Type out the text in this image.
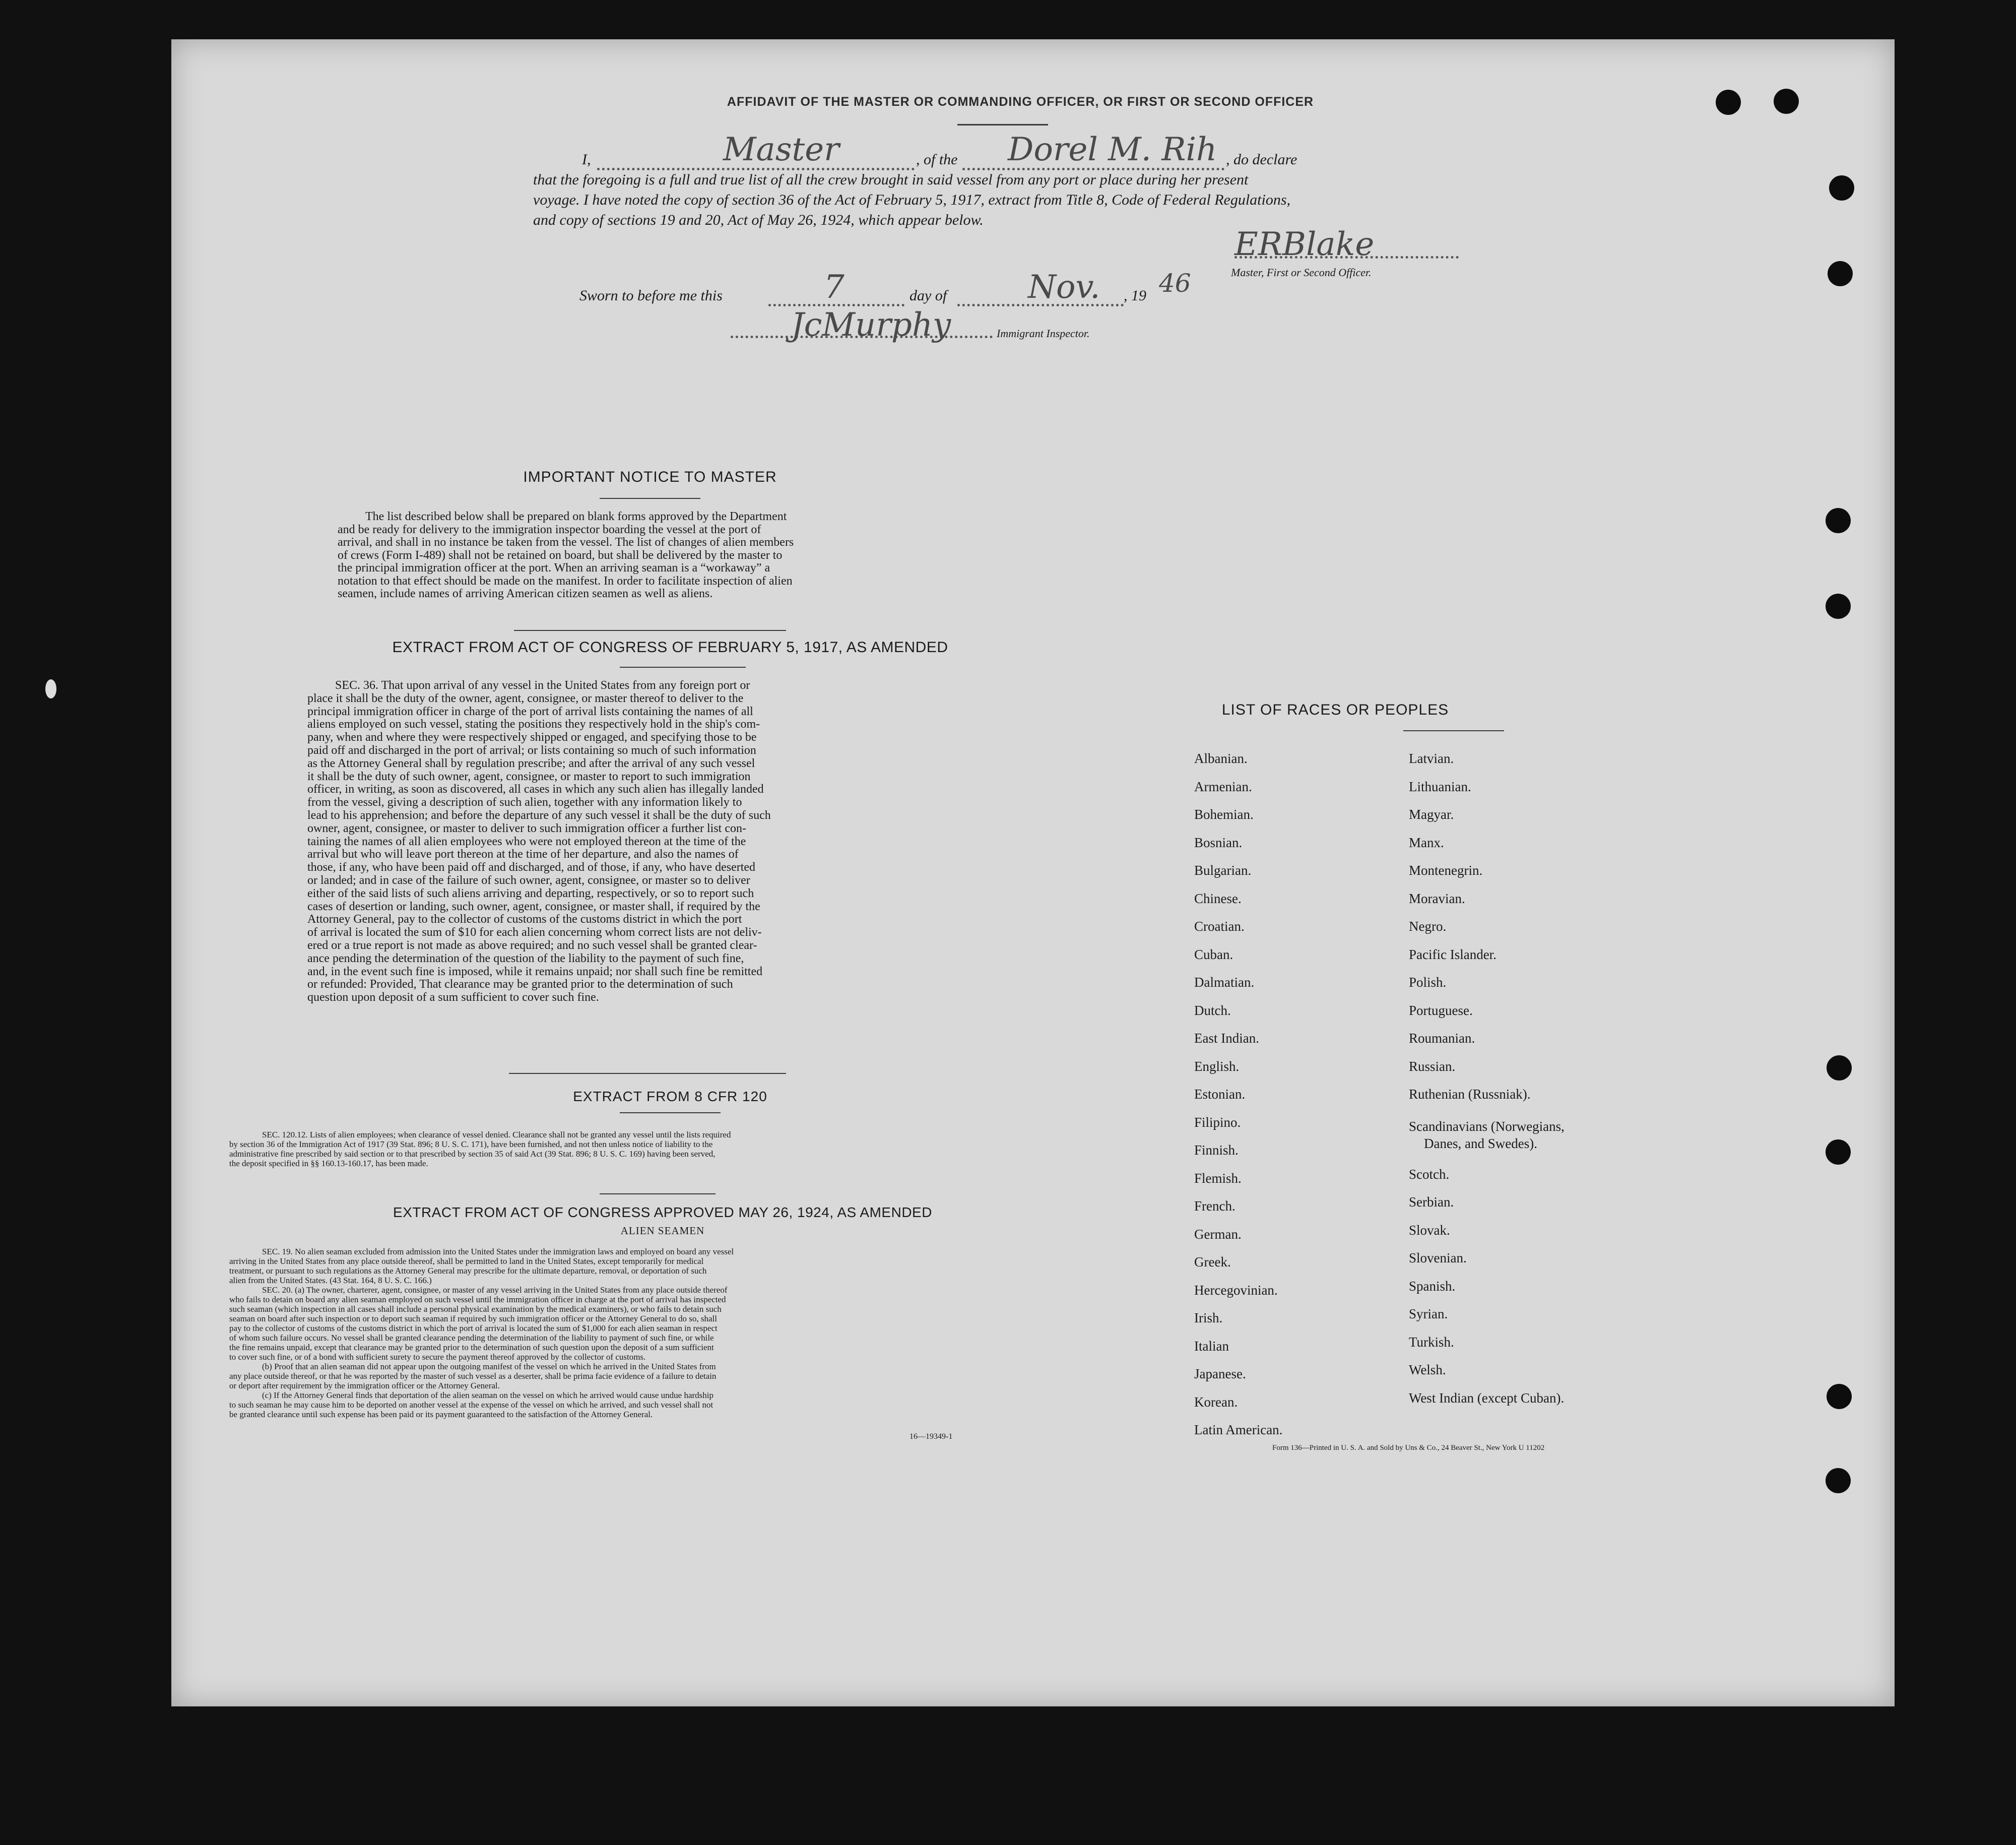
AFFIDAVIT OF THE MASTER OR COMMANDING OFFICER, OR FIRST OR SECOND OFFICER
I,	Master	, of the Dorel M. Rih , do declare
that the foregoing is a full and true list of all the crew brought in said vessel from any port or place during her present
voyage. I have noted the copy of section 36 of the Act of February 5, 1917, extract from Title 8, Code of Federal Regulations,
and copy of sections 19 and 20, Act of May 26, 1924, which appear below.
ERBlake
Master, First or Second Officer.
Sworn to before me this	7	day of	Nov. , 19 46
JcMurphy	Immigrant Inspector.
IMPORTANT NOTICE TO MASTER
The list described below shall be prepared on blank forms approved by the Department
and be ready for delivery to the immigration inspector boarding the vessel at the port of
arrival, and shall in no instance be taken from the vessel. The list of changes of alien members
of crews (Form I-489) shall not be retained on board, but shall be delivered by the master to
the principal immigration officer at the port. When an arriving seaman is a “workaway” a
notation to that effect should be made on the manifest. In order to facilitate inspection of alien
seamen, include names of arriving American citizen seamen as well as aliens.
EXTRACT FROM ACT OF CONGRESS OF FEBRUARY 5, 1917, AS AMENDED
SEC. 36. That upon arrival of any vessel in the United States from any foreign port or
place it shall be the duty of the owner, agent, consignee, or master thereof to deliver to the
principal immigration officer in charge of the port of arrival lists containing the names of all
aliens employed on such vessel, stating the positions they respectively hold in the ship's com-
pany, when and where they were respectively shipped or engaged, and specifying those to be
paid off and discharged in the port of arrival; or lists containing so much of such information
as the Attorney General shall by regulation prescribe; and after the arrival of any such vessel
it shall be the duty of such owner, agent, consignee, or master to report to such immigration
officer, in writing, as soon as discovered, all cases in which any such alien has illegally landed
from the vessel, giving a description of such alien, together with any information likely to
lead to his apprehension; and before the departure of any such vessel it shall be the duty of such
owner, agent, consignee, or master to deliver to such immigration officer a further list con-
taining the names of all alien employees who were not employed thereon at the time of the
arrival but who will leave port thereon at the time of her departure, and also the names of
those, if any, who have been paid off and discharged, and of those, if any, who have deserted
or landed; and in case of the failure of such owner, agent, consignee, or master so to deliver
either of the said lists of such aliens arriving and departing, respectively, or so to report such
cases of desertion or landing, such owner, agent, consignee, or master shall, if required by the
Attorney General, pay to the collector of customs of the customs district in which the port
of arrival is located the sum of $10 for each alien concerning whom correct lists are not deliv-
ered or a true report is not made as above required; and no such vessel shall be granted clear-
ance pending the determination of the question of the liability to the payment of such fine,
and, in the event such fine is imposed, while it remains unpaid; nor shall such fine be remitted
or refunded: Provided, That clearance may be granted prior to the determination of such
question upon deposit of a sum sufficient to cover such fine.
EXTRACT FROM 8 CFR 120
SEC. 120.12. Lists of alien employees; when clearance of vessel denied. Clearance shall not be granted any vessel until the lists required
by section 36 of the Immigration Act of 1917 (39 Stat. 896; 8 U. S. C. 171), have been furnished, and not then unless notice of liability to the
administrative fine prescribed by said section or to that prescribed by section 35 of said Act (39 Stat. 896; 8 U. S. C. 169) having been served,
the deposit specified in §§ 160.13-160.17, has been made.
EXTRACT FROM ACT OF CONGRESS APPROVED MAY 26, 1924, AS AMENDED
ALIEN SEAMEN
SEC. 19. No alien seaman excluded from admission into the United States under the immigration laws and employed on board any vessel
arriving in the United States from any place outside thereof, shall be permitted to land in the United States, except temporarily for medical
treatment, or pursuant to such regulations as the Attorney General may prescribe for the ultimate departure, removal, or deportation of such
alien from the United States. (43 Stat. 164, 8 U. S. C. 166.)
SEC. 20. (a) The owner, charterer, agent, consignee, or master of any vessel arriving in the United States from any place outside thereof
who fails to detain on board any alien seaman employed on such vessel until the immigration officer in charge at the port of arrival has inspected
such seaman (which inspection in all cases shall include a personal physical examination by the medical examiners), or who fails to detain such
seaman on board after such inspection or to deport such seaman if required by such immigration officer or the Attorney General to do so, shall
pay to the collector of customs of the customs district in which the port of arrival is located the sum of $1,000 for each alien seaman in respect
of whom such failure occurs. No vessel shall be granted clearance pending the determination of the liability to payment of such fine, or while
the fine remains unpaid, except that clearance may be granted prior to the determination of such question upon the deposit of a sum sufficient
to cover such fine, or of a bond with sufficient surety to secure the payment thereof approved by the collector of customs.
(b) Proof that an alien seaman did not appear upon the outgoing manifest of the vessel on which he arrived in the United States from
any place outside thereof, or that he was reported by the master of such vessel as a deserter, shall be prima facie evidence of a failure to detain
or deport after requirement by the immigration officer or the Attorney General.
(c) If the Attorney General finds that deportation of the alien seaman on the vessel on which he arrived would cause undue hardship
to such seaman he may cause him to be deported on another vessel at the expense of the vessel on which he arrived, and such vessel shall not
be granted clearance until such expense has been paid or its payment guaranteed to the satisfaction of the Attorney General.
16—19349-1
LIST OF RACES OR PEOPLES
Albanian.
Armenian.
Bohemian.
Bosnian.
Bulgarian.
Chinese.
Croatian.
Cuban.
Dalmatian.
Dutch.
East Indian.
English.
Estonian.
Filipino.
Finnish.
Flemish.
French.
German.
Greek.
Hercegovinian.
Irish.
Italian
Japanese.
Korean.
Latin American.
Latvian.
Lithuanian.
Magyar.
Manx.
Montenegrin.
Moravian.
Negro.
Pacific Islander.
Polish.
Portuguese.
Roumanian.
Russian.
Ruthenian (Russniak).
Scandinavians (Norwegians,
Danes, and Swedes).
Scotch.
Serbian.
Slovak.
Slovenian.
Spanish.
Syrian.
Turkish.
Welsh.
West Indian (except Cuban).
Form 136—Printed in U. S. A. and Sold by Uns & Co., 24 Beaver St., New York U 11202
